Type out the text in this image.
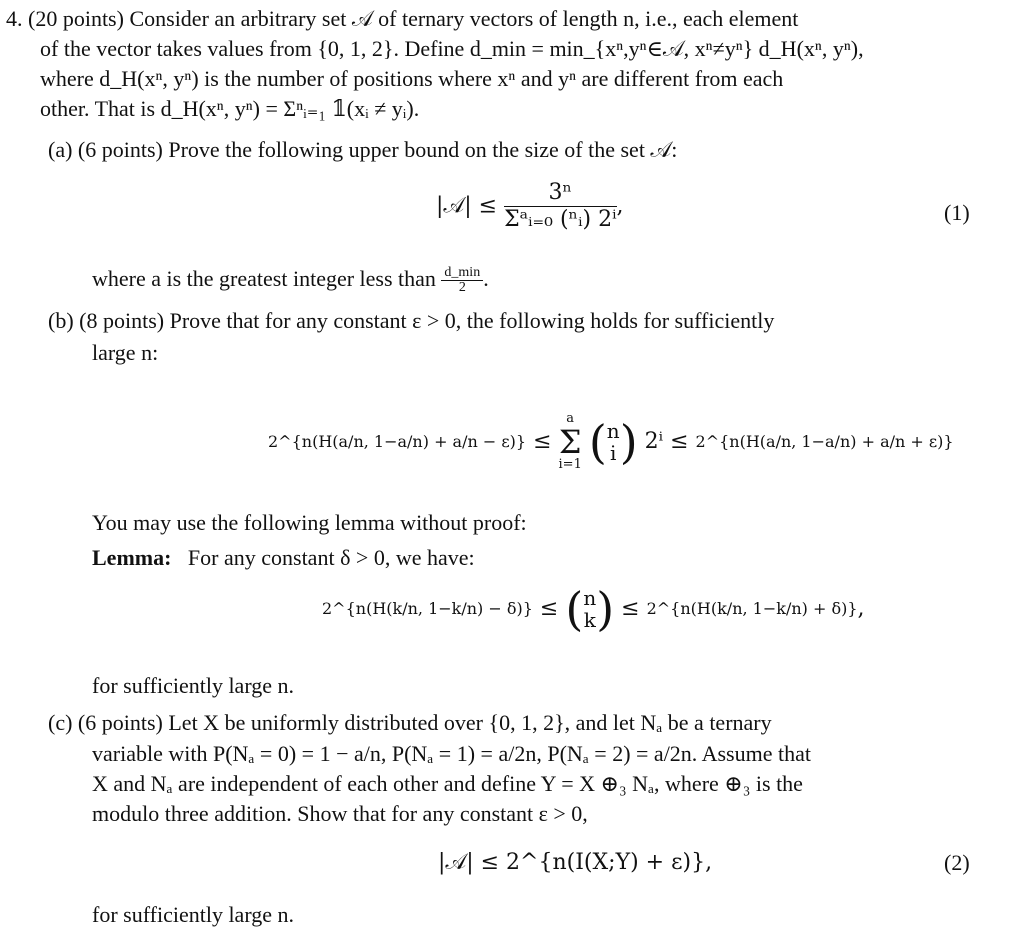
4. (20 points) Consider an arbitrary set 𝒜 of ternary vectors of length n, i.e., each element
of the vector takes values from {0, 1, 2}. Define d_min = min_{xⁿ,yⁿ∈𝒜, xⁿ≠yⁿ} d_H(xⁿ, yⁿ),
where d_H(xⁿ, yⁿ) is the number of positions where xⁿ and yⁿ are different from each
other. That is d_H(xⁿ, yⁿ) = Σⁿᵢ₌₁ 𝟙(xᵢ ≠ yᵢ).
(a) (6 points) Prove the following upper bound on the size of the set 𝒜:
|𝒜| ≤ $\frac{\text{3ⁿ}}{\text{Σᵃᵢ₌₀ (ⁿᵢ) 2ⁱ}}$ ,	(1)
where a is the greatest integer less than $\frac{d\_\min}{2}$ .
(b) (8 points) Prove that for any constant ε > 0, the following holds for sufficiently
large n:
2^{n(H(a/n, 1−a/n) + a/n − ε)} ≤
a
Σ
i=1 ( n
i ) 2ⁱ ≤ 2^{n(H(a/n, 1−a/n) + a/n + ε)}
You may use the following lemma without proof:
Lemma: For any constant δ > 0, we have:
2^{n(H(k/n, 1−k/n) − δ)} ≤ ( n
k ) ≤ 2^{n(H(k/n, 1−k/n) + δ)},
for sufficiently large n.
(c) (6 points) Let X be uniformly distributed over {0, 1, 2}, and let Nₐ be a ternary
variable with P(Nₐ = 0) = 1 − a/n, P(Nₐ = 1) = a/2n, P(Nₐ = 2) = a/2n. Assume that
X and Nₐ are independent of each other and define Y = X ⊕₃ Nₐ, where ⊕₃ is the
modulo three addition. Show that for any constant ε > 0,
|𝒜| ≤ 2^{n(I(X;Y) + ε)},	(2)
for sufficiently large n.
